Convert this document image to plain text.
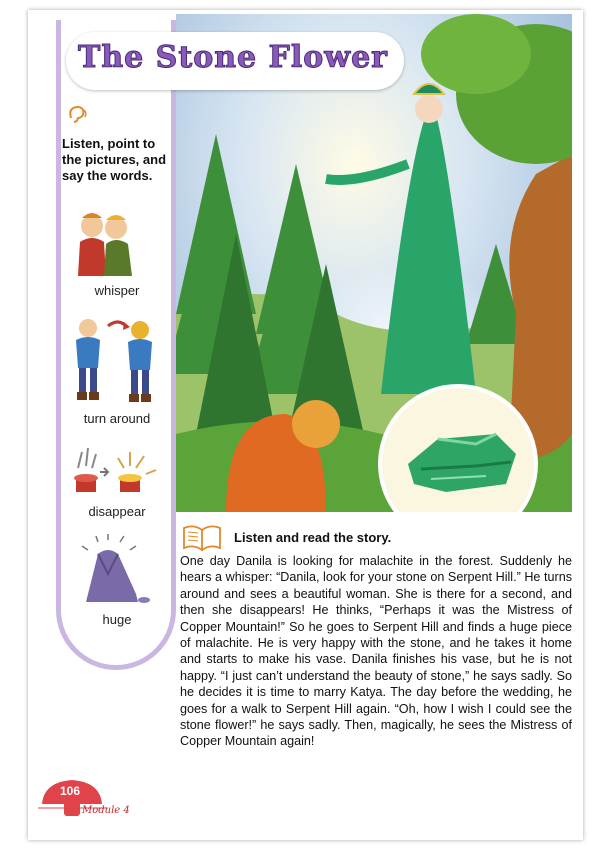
The Stone Flower
Listen, point to the pictures, and say the words.
whisper
turn around
disappear
huge
Listen and read the story.
One day Danila is looking for malachite in the forest. Suddenly he hears a whisper: “Danila, look for your stone on Serpent Hill.” He turns around and sees a beautiful woman. She is there for a second, and then she disappears! He thinks, “Perhaps it was the Mistress of Copper Mountain!” So he goes to Serpent Hill and finds a huge piece of malachite. He is very happy with the stone, and he takes it home and starts to make his vase. Danila finishes his vase, but he is not happy. “I just can’t understand the beauty of stone,” he says sadly. So he decides it is time to marry Katya. The day before the wedding, he goes for a walk to Serpent Hill again. “Oh, how I wish I could see the stone flower!” he says sadly. Then, magically, he sees the Mistress of Copper Mountain again!
106
Module 4
